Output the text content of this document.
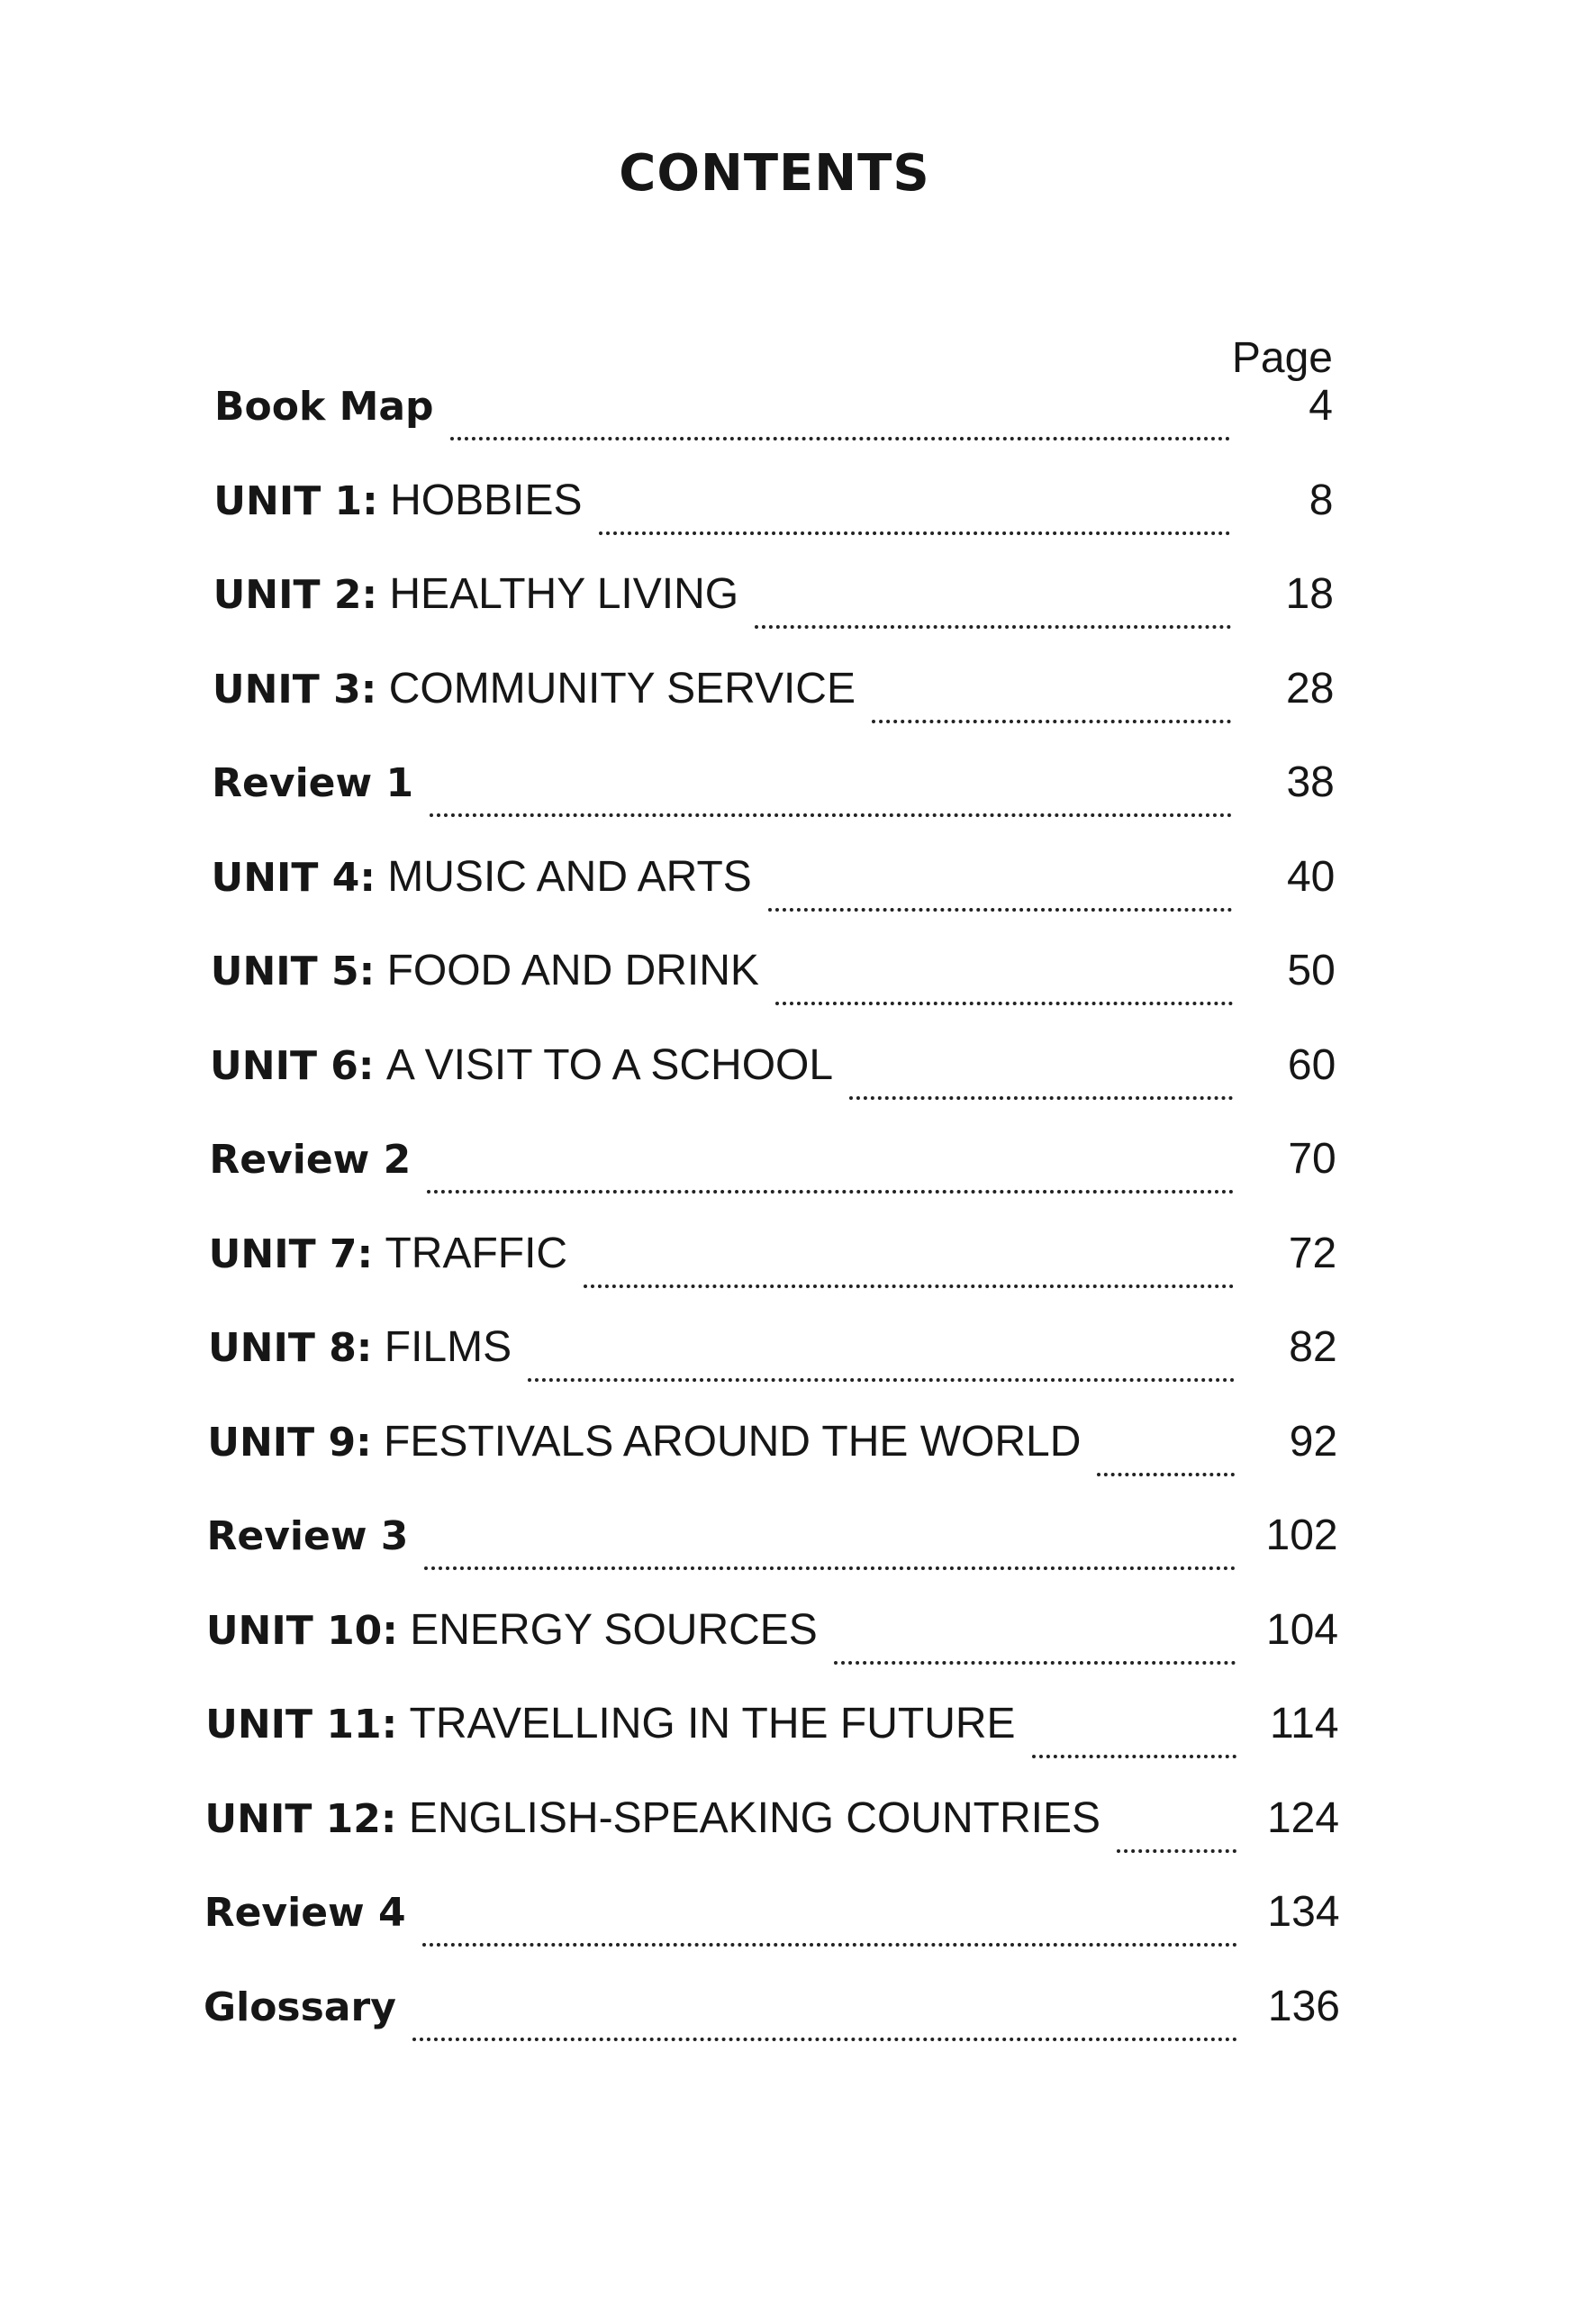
CONTENTS
Page
Book Map	4
UNIT 1: HOBBIES	8
UNIT 2: HEALTHY LIVING	18
UNIT 3: COMMUNITY SERVICE	28
Review 1	38
UNIT 4: MUSIC AND ARTS	40
UNIT 5: FOOD AND DRINK	50
UNIT 6: A VISIT TO A SCHOOL	60
Review 2	70
UNIT 7: TRAFFIC	72
UNIT 8: FILMS	82
UNIT 9: FESTIVALS AROUND THE WORLD	92
Review 3	102
UNIT 10: ENERGY SOURCES	104
UNIT 11: TRAVELLING IN THE FUTURE	114
UNIT 12: ENGLISH-SPEAKING COUNTRIES	124
Review 4	134
Glossary	136
